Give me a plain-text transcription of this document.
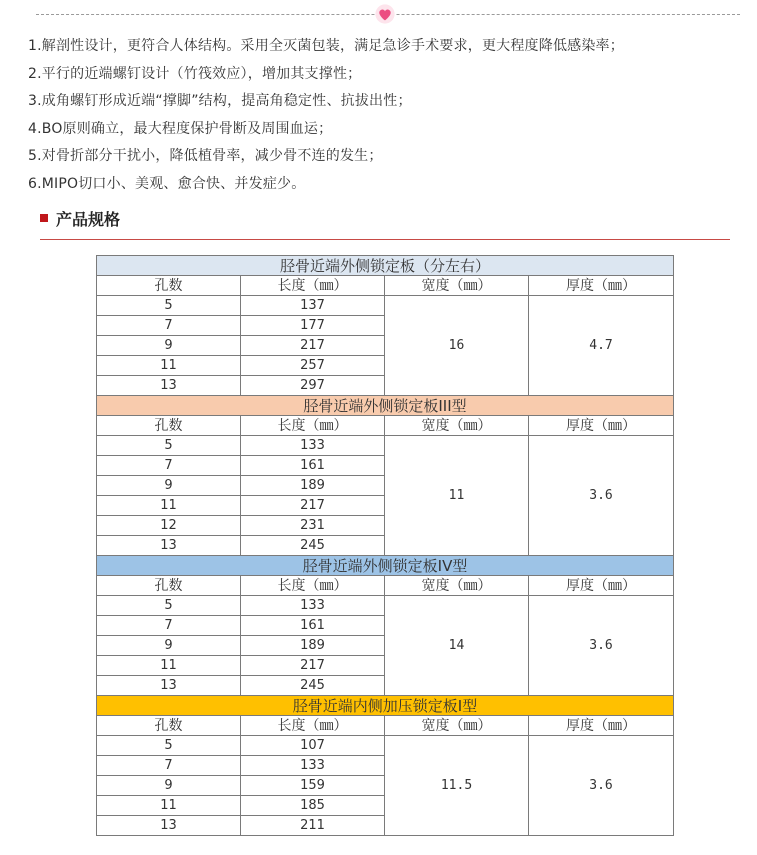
1.解剖性设计，更符合人体结构。采用全灭菌包装，满足急诊手术要求，更大程度降低感染率；
2.平行的近端螺钉设计（竹筏效应），增加其支撑性；
3.成角螺钉形成近端“撑脚”结构，提高角稳定性、抗拔出性；
4.BO原则确立，最大程度保护骨断及周围血运；
5.对骨折部分干扰小，降低植骨率，减少骨不连的发生；
6.MIPO切口小、美观、愈合快、并发症少。
产品规格
胫骨近端外侧锁定板（分左右）			
孔数	长度（㎜）	宽度（㎜）	厚度（㎜）
5	137	16	4.7
7	177		
9	217		
11	257		
13	297		
胫骨近端外侧锁定板III型			
孔数	长度（㎜）	宽度（㎜）	厚度（㎜）
5	133	11	3.6
7	161		
9	189		
11	217		
12	231		
13	245		
胫骨近端外侧锁定板IV型			
孔数	长度（㎜）	宽度（㎜）	厚度（㎜）
5	133	14	3.6
7	161		
9	189		
11	217		
13	245		
胫骨近端内侧加压锁定板I型			
孔数	长度（㎜）	宽度（㎜）	厚度（㎜）
5	107	11.5	3.6
7	133		
9	159		
11	185		
13	211		
